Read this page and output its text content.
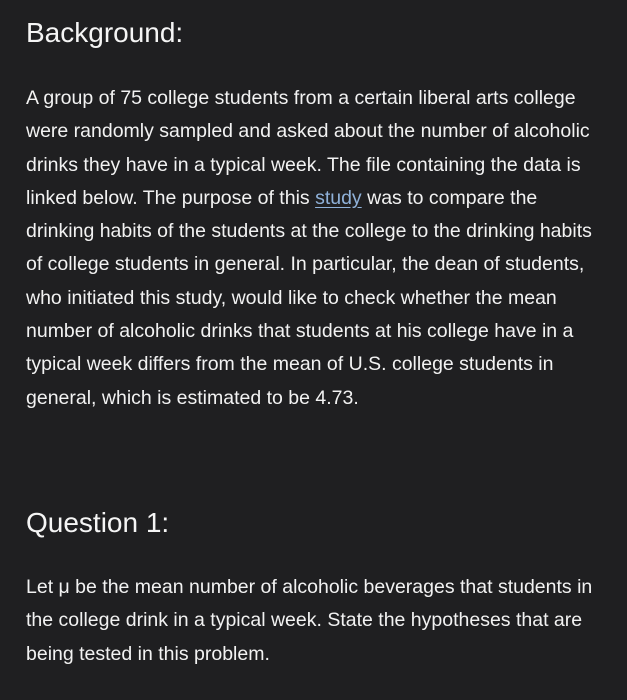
Background:

A group of 75 college students from a certain liberal arts college were randomly sampled and asked about the number of alcoholic drinks they have in a typical week. The file containing the data is linked below. The purpose of this study was to compare the drinking habits of the students at the college to the drinking habits of college students in general. In particular, the dean of students, who initiated this study, would like to check whether the mean number of alcoholic drinks that students at his college have in a typical week differs from the mean of U.S. college students in general, which is estimated to be 4.73.

Question 1:

Let μ be the mean number of alcoholic beverages that students in the college drink in a typical week. State the hypotheses that are being tested in this problem.
